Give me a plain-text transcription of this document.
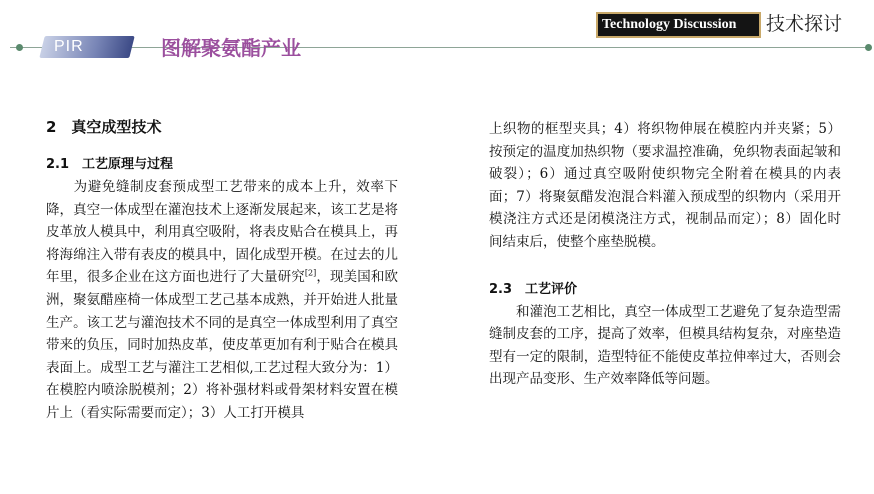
PIR	图解聚氨酯产业
Technology Discussion	技术探讨
2　真空成型技术
2.1　工艺原理与过程

为避免缝制皮套预成型工艺带来的成本上升，效率下降，真空一体成型在灌泡技术上逐渐发展起来，该工艺是将皮革放人模具中，利用真空吸附，将表皮贴合在模具上，再将海绵注入带有表皮的模具中，固化成型开模。在过去的儿年里，很多企业在这方面也进行了大量研究[2]，现美国和欧洲，聚氨醋座椅一体成型工艺己基本成熟，并开始进人批量生产。该工艺与灌泡技术不同的是真空一体成型利用了真空带来的负压，同时加热皮革，使皮革更加有利于贴合在模具表面上。成型工艺与灌注工艺相似,工艺过程大致分为：1）在模腔内喷涂脱模剂；2）将补强材料或骨架材料安置在模片上（看实际需要而定）；3）人工打开模具

上织物的框型夹具；4）将织物伸展在模腔内并夹紧；5）按预定的温度加热织物（要求温控准确，免织物表面起皱和破裂）；6）通过真空吸附使织物完全附着在模具的内表面；7）将聚氨醋发泡混合料灌入预成型的织物内（采用开模浇注方式还是闭模浇注方式，视制品而定）；8）固化时间结束后，使整个座垫脱模。

2.3　工艺评价

和灌泡工艺相比，真空一体成型工艺避免了复杂造型需缝制皮套的工序，提高了效率，但模具结构复杂，对座垫造型有一定的限制，造型特征不能使皮革拉伸率过大，否则会出现产品变形、生产效率降低等问题。
